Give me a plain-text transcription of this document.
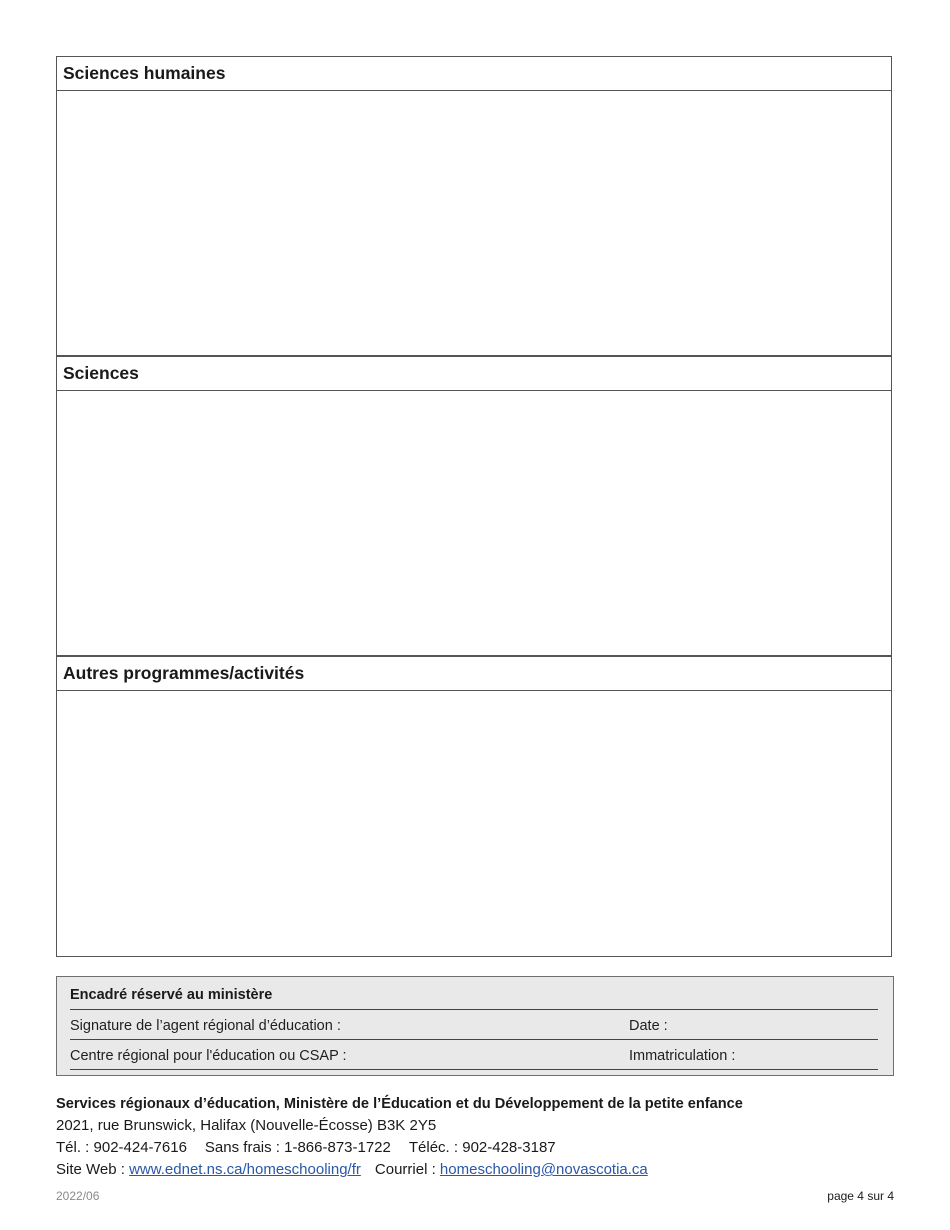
Sciences humaines
Sciences
Autres programmes/activités
Encadré réservé au ministère
Signature de l’agent régional d’éducation :	Date :
Centre régional pour l'éducation ou CSAP :	Immatriculation :
Services régionaux d’éducation, Ministère de l’Éducation et du Développement de la petite enfance
2021, rue Brunswick, Halifax (Nouvelle-Écosse) B3K 2Y5
Tél. : 902-424-7616 Sans frais : 1-866-873-1722 Téléc. : 902-428-3187
Site Web : www.ednet.ns.ca/homeschooling/fr Courriel : homeschooling@novascotia.ca
2022/06	page 4 sur 4
